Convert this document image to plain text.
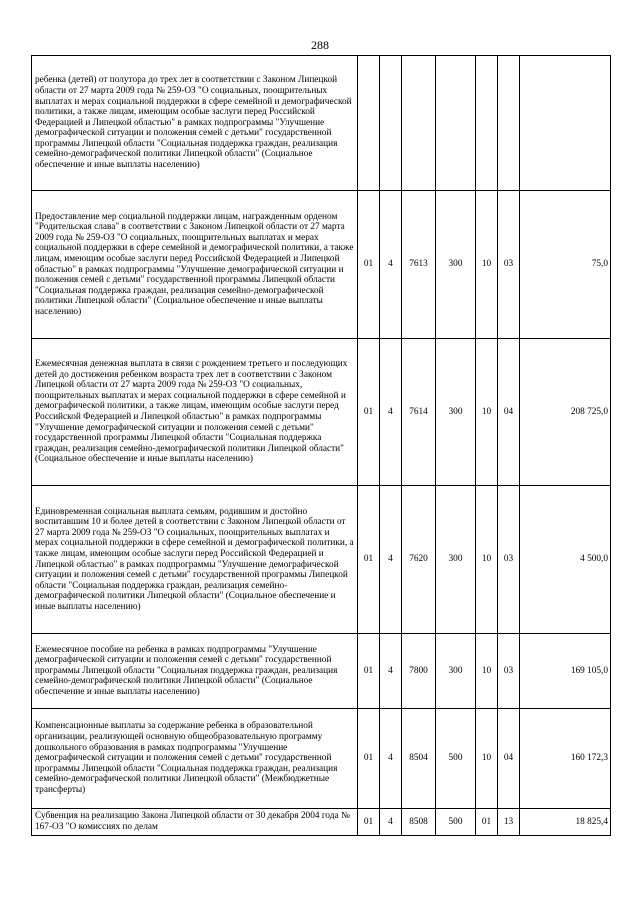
288
ребенка (детей) от полутора до трех лет в соответствии с Законом Липецкой области от 27 марта 2009 года № 259-ОЗ "О социальных, поощрительных выплатах и мерах социальной поддержки в сфере семейной и демографической политики, а также лицам, имеющим особые заслуги перед Российской Федерацией и Липецкой областью" в рамках подпрограммы "Улучшение демографической ситуации и положения семей с детьми" государственной программы Липецкой области "Социальная поддержка граждан, реализация семейно-демографической политики Липецкой области" (Социальное обеспечение и иные выплаты населению)							

Предоставление мер социальной поддержки лицам, награжденным орденом "Родительская слава" в соответствии с Законом Липецкой области от 27 марта 2009 года № 259-ОЗ "О социальных, поощрительных выплатах и мерах социальной поддержки в сфере семейной и демографической политики, а также лицам, имеющим особые заслуги перед Российской Федерацией и Липецкой областью" в рамках подпрограммы "Улучшение демографической ситуации и положения семей с детьми" государственной программы Липецкой области "Социальная поддержка граждан, реализация семейно-демографической политики Липецкой области" (Социальное обеспечение и иные выплаты населению)	01	4	7613	300	10	03	75,0

Ежемесячная денежная выплата в связи с рождением третьего и последующих детей до достижения ребенком возраста трех лет в соответствии с Законом Липецкой области от 27 марта 2009 года № 259-ОЗ "О социальных, поощрительных выплатах и мерах социальной поддержки в сфере семейной и демографической политики, а также лицам, имеющим особые заслуги перед Российской Федерацией и Липецкой областью" в рамках подпрограммы "Улучшение демографической ситуации и положения семей с детьми" государственной программы Липецкой области "Социальная поддержка граждан, реализация семейно-демографической политики Липецкой области" (Социальное обеспечение и иные выплаты населению)	01	4	7614	300	10	04	208 725,0

Единовременная социальная выплата семьям, родившим и достойно воспитавшим 10 и более детей в соответствии с Законом Липецкой области от 27 марта 2009 года № 259-ОЗ "О социальных, поощрительных выплатах и мерах социальной поддержки в сфере семейной и демографической политики, а также лицам, имеющим особые заслуги перед Российской Федерацией и Липецкой областью" в рамках подпрограммы "Улучшение демографической ситуации и положения семей с детьми" государственной программы Липецкой области "Социальная поддержка граждан, реализация семейно-демографической политики Липецкой области" (Социальное обеспечение и иные выплаты населению)	01	4	7620	300	10	03	4 500,0

Ежемесячное пособие на ребенка в рамках подпрограммы "Улучшение демографической ситуации и положения семей с детьми" государственной программы Липецкой области "Социальная поддержка граждан, реализация семейно-демографической политики Липецкой области" (Социальное обеспечение и иные выплаты населению)	01	4	7800	300	10	03	169 105,0

Компенсационные выплаты за содержание ребенка в образовательной организации, реализующей основную общеобразовательную программу дошкольного образования в рамках подпрограммы "Улучшение демографической ситуации и положения семей с детьми" государственной программы Липецкой области "Социальная поддержка граждан, реализация семейно-демографической политики Липецкой области" (Межбюджетные трансферты)	01	4	8504	500	10	04	160 172,3

Субвенция на реализацию Закона Липецкой области от 30 декабря 2004 года № 167-ОЗ "О комиссиях по делам	01	4	8508	500	01	13	18 825,4
